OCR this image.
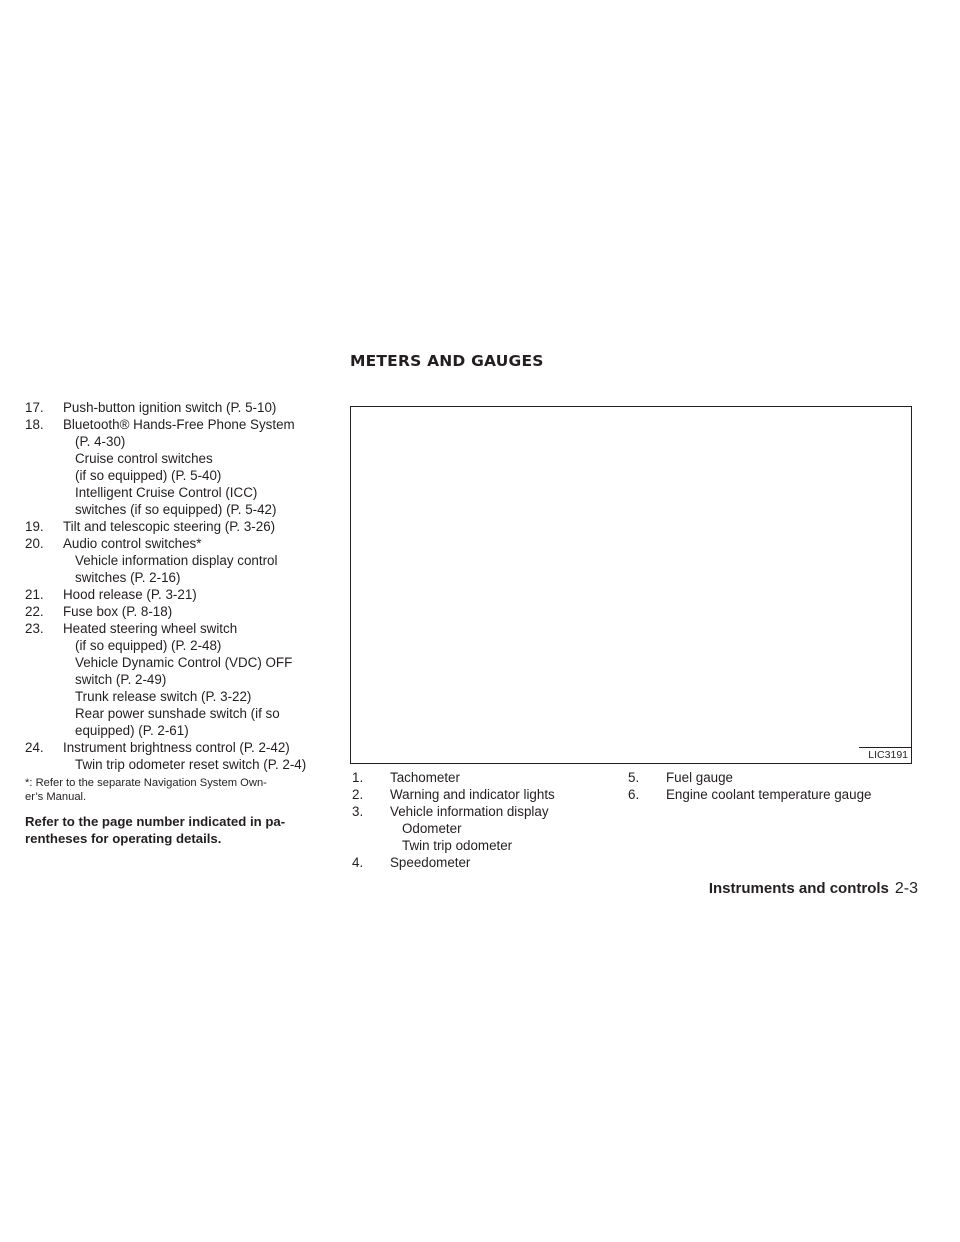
METERS AND GAUGES
17.	Push-button ignition switch (P. 5-10)
18.	Bluetooth® Hands-Free Phone System
(P. 4-30)
Cruise control switches
(if so equipped) (P. 5-40)
Intelligent Cruise Control (ICC)
switches (if so equipped) (P. 5-42)
19.	Tilt and telescopic steering (P. 3-26)
20.	Audio control switches*
Vehicle information display control
switches (P. 2-16)
21.	Hood release (P. 3-21)
22.	Fuse box (P. 8-18)
23.	Heated steering wheel switch
(if so equipped) (P. 2-48)
Vehicle Dynamic Control (VDC) OFF
switch (P. 2-49)
Trunk release switch (P. 3-22)
Rear power sunshade switch (if so
equipped) (P. 2-61)
24.	Instrument brightness control (P. 2-42)
Twin trip odometer reset switch (P. 2-4)
*: Refer to the separate Navigation System Own-
er’s Manual.
Refer to the page number indicated in pa-
rentheses for operating details.
LIC3191
1.	Tachometer
2.	Warning and indicator lights
3.	Vehicle information display
Odometer
Twin trip odometer
4.	Speedometer
5.	Fuel gauge
6.	Engine coolant temperature gauge
Instruments and controls 2-3
